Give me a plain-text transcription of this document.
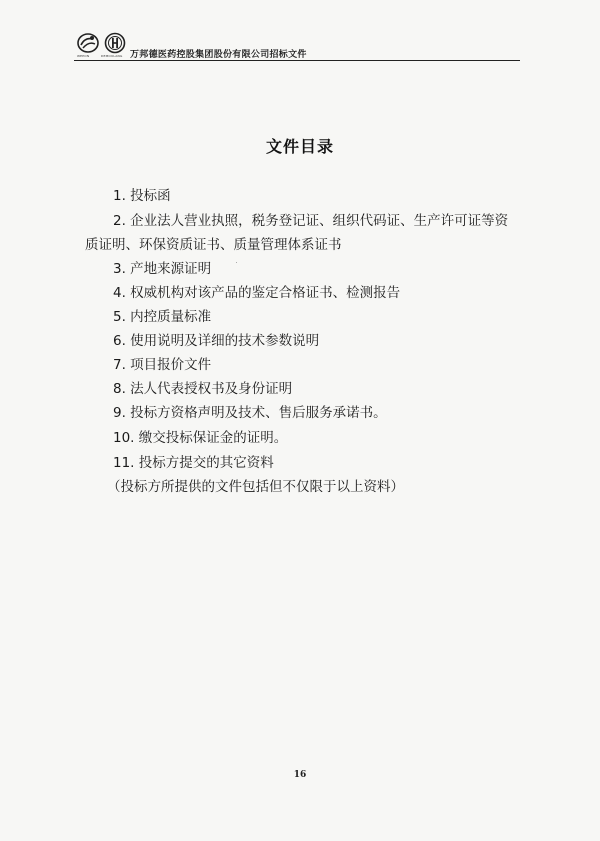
WEPON	DEMOULANG 万邦德医药控股集团股份有限公司招标文件
文件目录
1. 投标函
2. 企业法人营业执照，税务登记证、组织代码证、生产许可证等资
质证明、环保资质证书、质量管理体系证书
3. 产地来源证明
4. 权威机构对该产品的鉴定合格证书、检测报告
5. 内控质量标准
6. 使用说明及详细的技术参数说明
7. 项目报价文件
8. 法人代表授权书及身份证明
9. 投标方资格声明及技术、售后服务承诺书。
10. 缴交投标保证金的证明。
11. 投标方提交的其它资料
（投标方所提供的文件包括但不仅限于以上资料）
16
